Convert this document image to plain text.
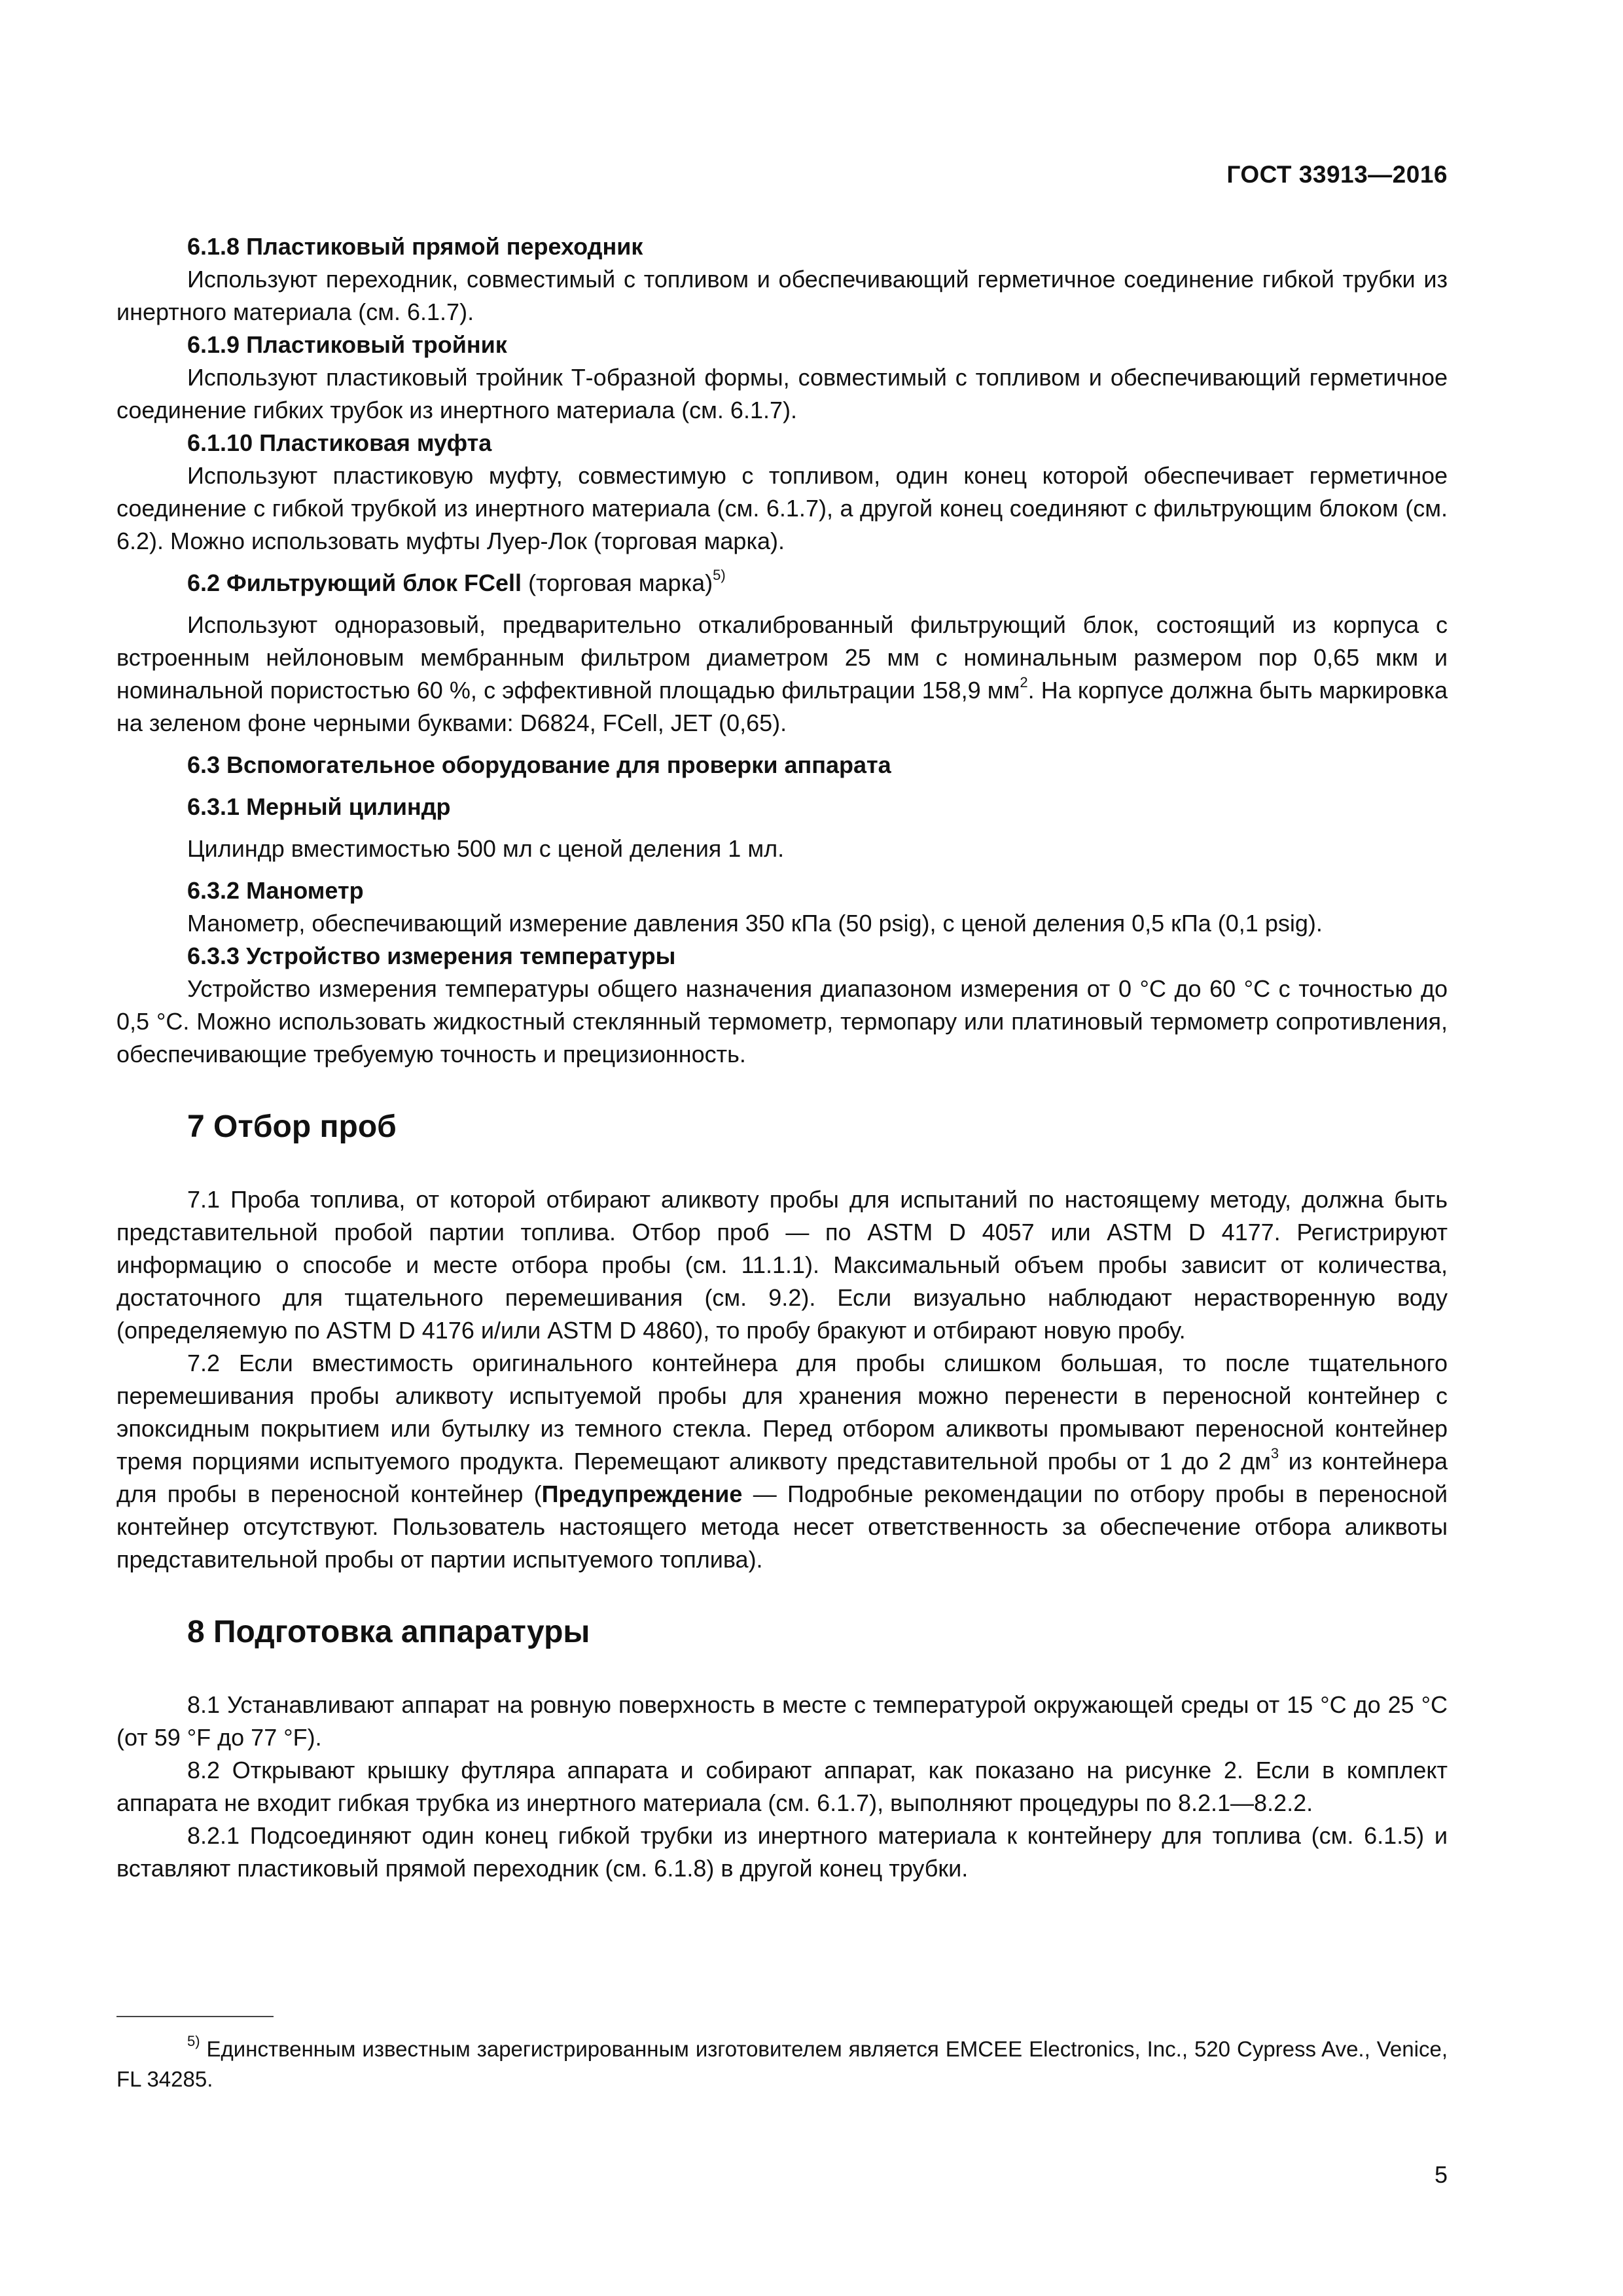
ГОСТ 33913—2016
6.1.8 Пластиковый прямой переходник

Используют переходник, совместимый с топливом и обеспечивающий герметичное соединение гибкой трубки из инертного материала (см. 6.1.7).

6.1.9 Пластиковый тройник

Используют пластиковый тройник Т-образной формы, совместимый с топливом и обеспечивающий герметичное соединение гибких трубок из инертного материала (см. 6.1.7).

6.1.10 Пластиковая муфта

Используют пластиковую муфту, совместимую с топливом, один конец которой обеспечивает герметичное соединение с гибкой трубкой из инертного материала (см. 6.1.7), а другой конец соединяют с фильтрующим блоком (см. 6.2). Можно использовать муфты Луер-Лок (торговая марка).

6.2 Фильтрующий блок FCell (торговая марка)$^{5)}$

Используют одноразовый, предварительно откалиброванный фильтрующий блок, состоящий из корпуса с встроенным нейлоновым мембранным фильтром диаметром 25 мм с номинальным размером пор 0,65 мкм и номинальной пористостью 60 %, с эффективной площадью фильтрации 158,9 $мм^2$. На корпусе должна быть маркировка на зеленом фоне черными буквами: D6824, FCell, JET (0,65).

6.3 Вспомогательное оборудование для проверки аппарата
6.3.1 Мерный цилиндр

Цилиндр вместимостью 500 мл с ценой деления 1 мл.

6.3.2 Манометр

Манометр, обеспечивающий измерение давления 350 кПа (50 psig), с ценой деления 0,5 кПа (0,1 psig).

6.3.3 Устройство измерения температуры

Устройство измерения температуры общего назначения диапазоном измерения от 0 °С до 60 °С с точностью до 0,5 °С. Можно использовать жидкостный стеклянный термометр, термопару или платиновый термометр сопротивления, обеспечивающие требуемую точность и прецизионность.

7 Отбор проб

7.1 Проба топлива, от которой отбирают аликвоту пробы для испытаний по настоящему методу, должна быть представительной пробой партии топлива. Отбор проб — по ASTM D 4057 или ASTM D 4177. Регистрируют информацию о способе и месте отбора пробы (см. 11.1.1). Максимальный объем пробы зависит от количества, достаточного для тщательного перемешивания (см. 9.2). Если визуально наблюдают нерастворенную воду (определяемую по ASTM D 4176 и/или ASTM D 4860), то пробу бракуют и отбирают новую пробу.

7.2 Если вместимость оригинального контейнера для пробы слишком большая, то после тщательного перемешивания пробы аликвоту испытуемой пробы для хранения можно перенести в переносной контейнер с эпоксидным покрытием или бутылку из темного стекла. Перед отбором аликвоты промывают переносной контейнер тремя порциями испытуемого продукта. Перемещают аликвоту представительной пробы от 1 до 2 $дм^3$ из контейнера для пробы в переносной контейнер (Предупреждение — Подробные рекомендации по отбору пробы в переносной контейнер отсутствуют. Пользователь настоящего метода несет ответственность за обеспечение отбора аликвоты представительной пробы от партии испытуемого топлива).

8 Подготовка аппаратуры

8.1 Устанавливают аппарат на ровную поверхность в месте с температурой окружающей среды от 15 °С до 25 °С (от 59 °F до 77 °F).

8.2 Открывают крышку футляра аппарата и собирают аппарат, как показано на рисунке 2. Если в комплект аппарата не входит гибкая трубка из инертного материала (см. 6.1.7), выполняют процедуры по 8.2.1—8.2.2.

8.2.1 Подсоединяют один конец гибкой трубки из инертного материала к контейнеру для топлива (см. 6.1.5) и вставляют пластиковый прямой переходник (см. 6.1.8) в другой конец трубки.

$^{5)}$ Единственным известным зарегистрированным изготовителем является EMCEE Electronics, Inc., 520 Cypress Ave., Venice, FL 34285.

5
